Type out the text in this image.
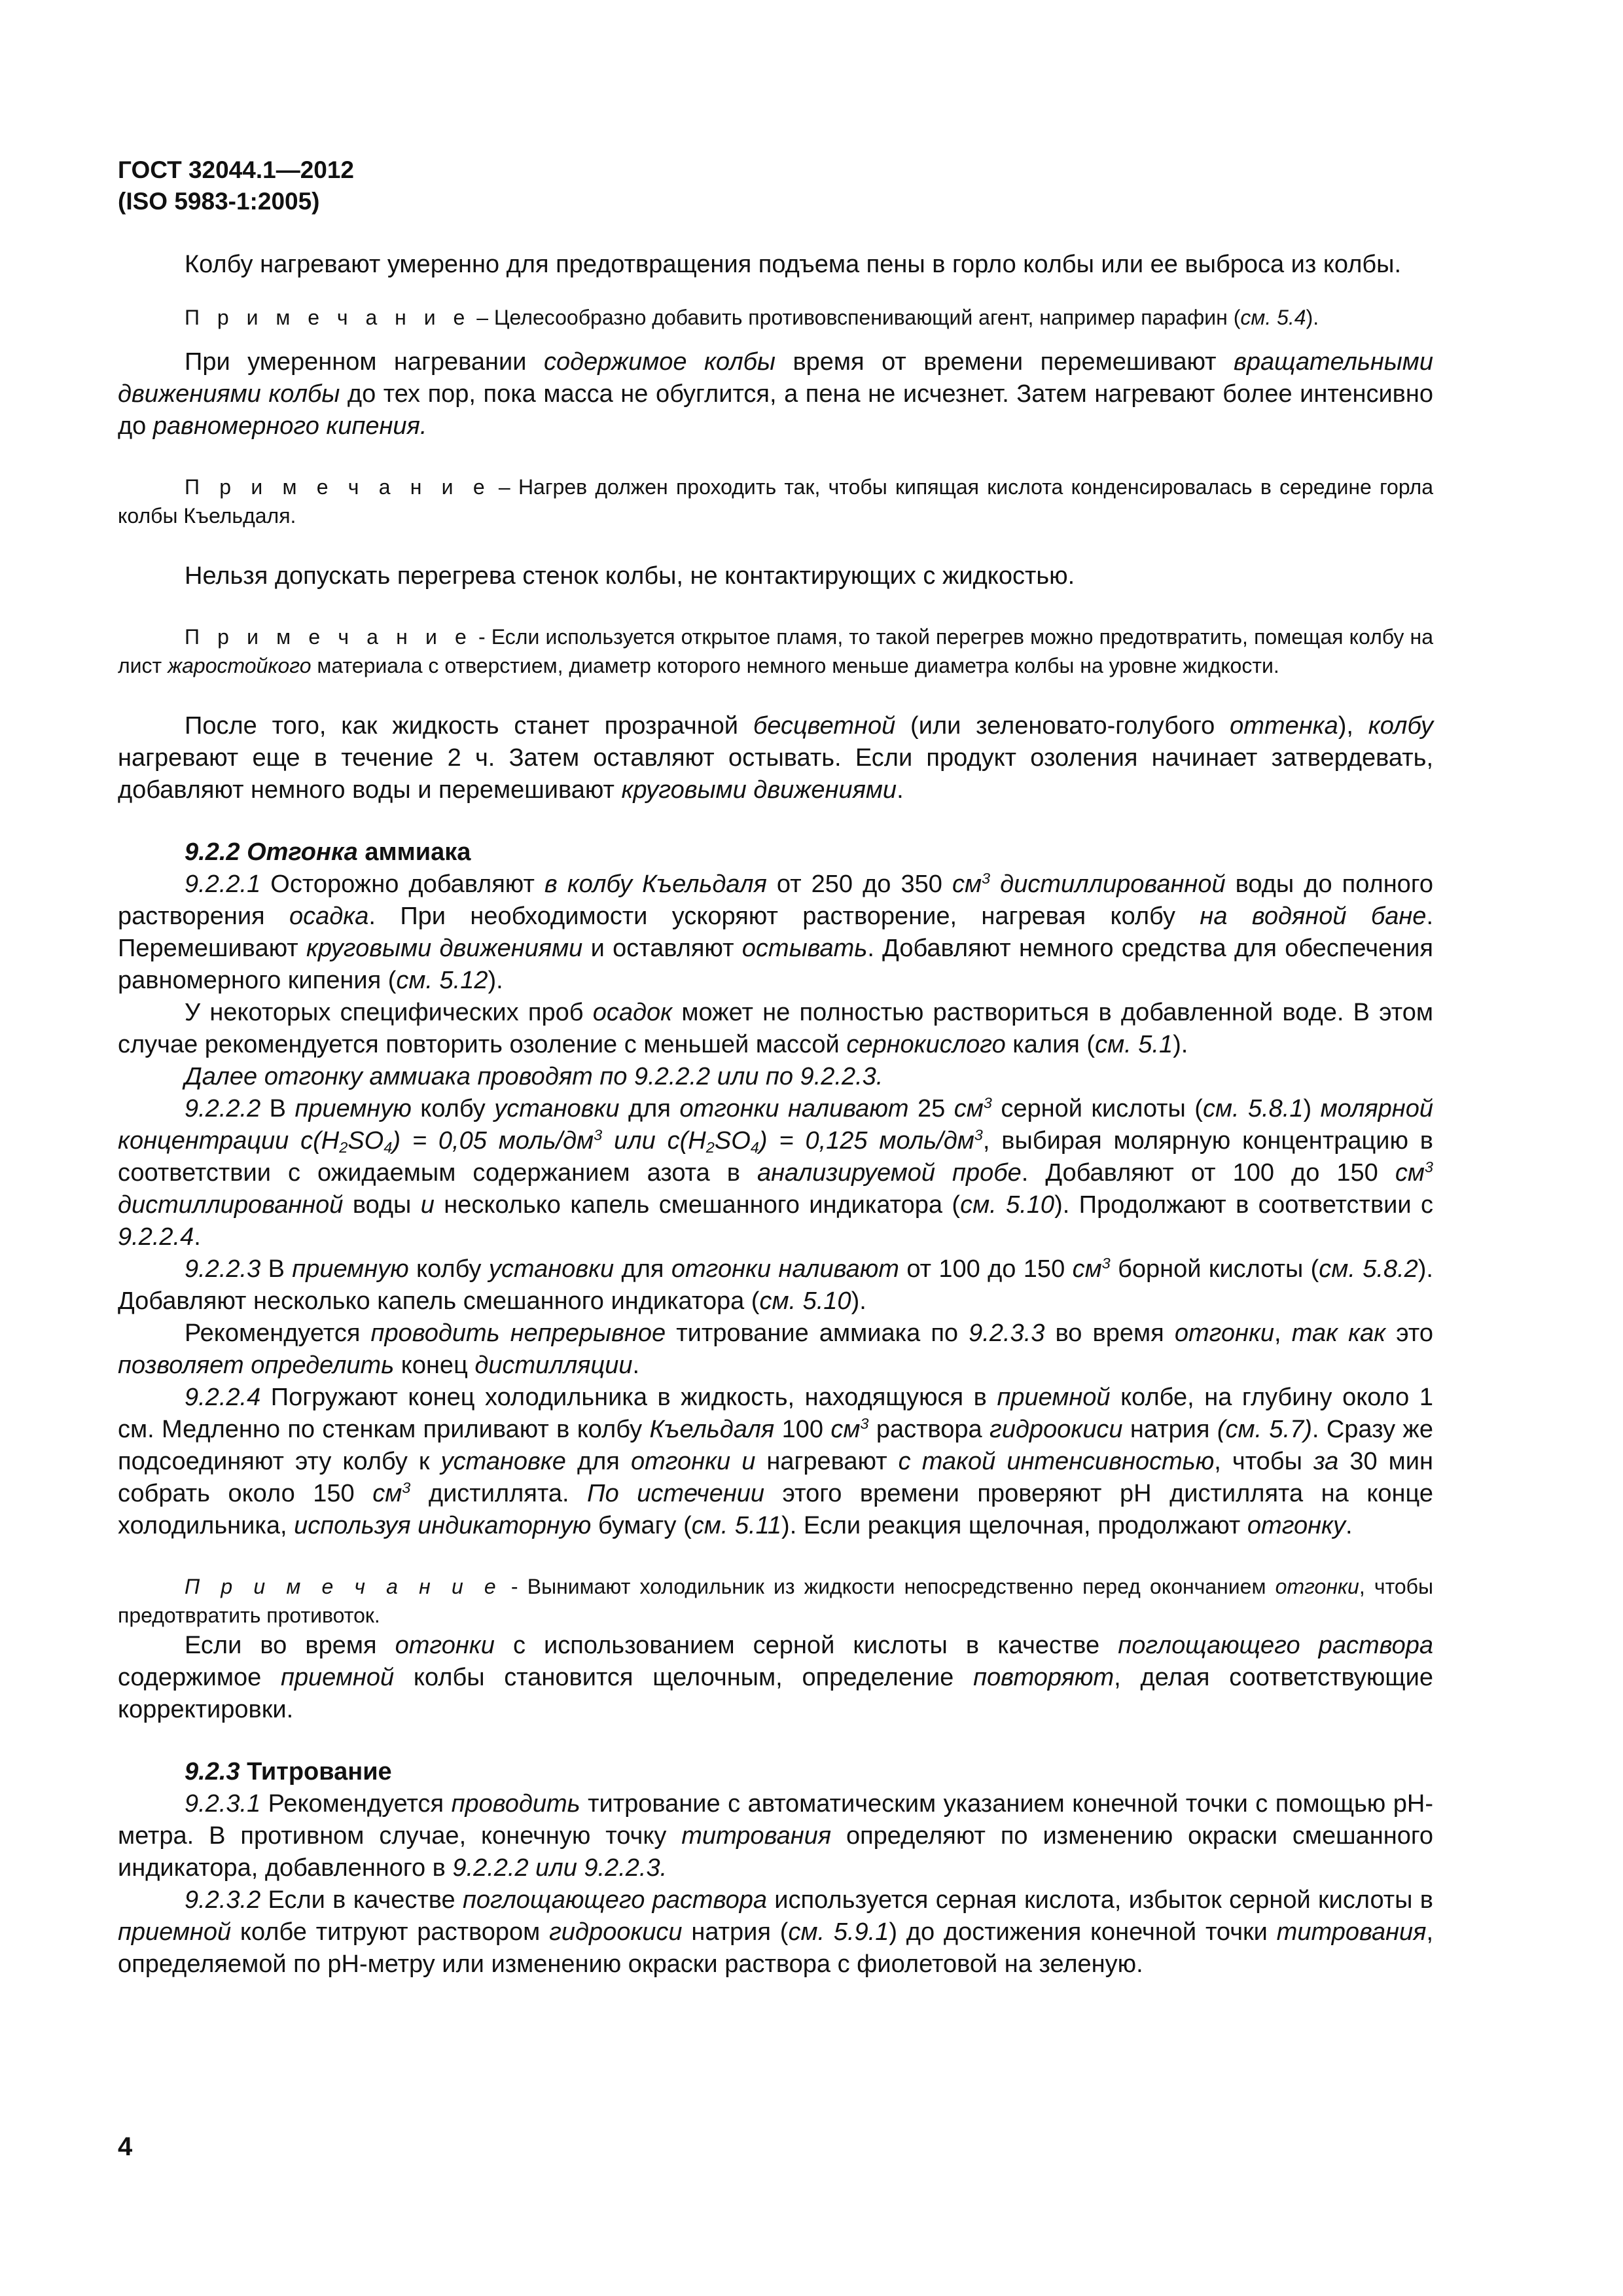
ГОСТ 32044.1—2012
(ISO 5983-1:2005)

Колбу нагревают умеренно для предотвращения подъема пены в горло колбы или ее выброса из колбы.

П р и м е ч а н и е – Целесообразно добавить противовспенивающий агент, например парафин (см. 5.4).

При умеренном нагревании содержимое колбы время от времени перемешивают вращательными движениями колбы до тех пор, пока масса не обуглится, а пена не исчезнет. Затем нагревают более интенсивно до равномерного кипения.

П р и м е ч а н и е – Нагрев должен проходить так, чтобы кипящая кислота конденсировалась в середине горла колбы Къельдаля.

Нельзя допускать перегрева стенок колбы, не контактирующих с жидкостью.

П р и м е ч а н и е - Если используется открытое пламя, то такой перегрев можно предотвратить, помещая колбу на лист жаростойкого материала с отверстием, диаметр которого немного меньше диаметра колбы на уровне жидкости.

После того, как жидкость станет прозрачной бесцветной (или зеленовато-голубого оттенка), колбу нагревают еще в течение 2 ч. Затем оставляют остывать. Если продукт озоления начинает затвердевать, добавляют немного воды и перемешивают круговыми движениями.

9.2.2 Отгонка аммиака

9.2.2.1 Осторожно добавляют в колбу Къельдаля от 250 до 350 $см^3$ дистиллированной воды до полного растворения осадка. При необходимости ускоряют растворение, нагревая колбу на водяной бане. Перемешивают круговыми движениями и оставляют остывать. Добавляют немного средства для обеспечения равномерного кипения (см. 5.12).

У некоторых специфических проб осадок может не полностью раствориться в добавленной воде. В этом случае рекомендуется повторить озоление с меньшей массой сернокислого калия (см. 5.1).

Далее отгонку аммиака проводят по 9.2.2.2 или по 9.2.2.3.

9.2.2.2 В приемную колбу установки для отгонки наливают 25 $см^3$ серной кислоты (см. 5.8.1) молярной концентрации $с(H_2SO_4) = 0,05$ моль/$дм^3$ или $с(H_2SO_4) = 0,125$ моль/$дм^3$, выбирая молярную концентрацию в соответствии с ожидаемым содержанием азота в анализируемой пробе. Добавляют от 100 до 150 $см^3$ дистиллированной воды и несколько капель смешанного индикатора (см. 5.10). Продолжают в соответствии с 9.2.2.4.

9.2.2.3 В приемную колбу установки для отгонки наливают от 100 до 150 $см^3$ борной кислоты (см. 5.8.2). Добавляют несколько капель смешанного индикатора (см. 5.10).

Рекомендуется проводить непрерывное титрование аммиака по 9.2.3.3 во время отгонки, так как это позволяет определить конец дистилляции.

9.2.2.4 Погружают конец холодильника в жидкость, находящуюся в приемной колбе, на глубину около 1 см. Медленно по стенкам приливают в колбу Къельдаля 100 $см^3$ раствора гидроокиси натрия (см. 5.7). Сразу же подсоединяют эту колбу к установке для отгонки и нагревают с такой интенсивностью, чтобы за 30 мин собрать около 150 $см^3$ дистиллята. По истечении этого времени проверяют pH дистиллята на конце холодильника, используя индикаторную бумагу (см. 5.11). Если реакция щелочная, продолжают отгонку.

П р и м е ч а н и е - Вынимают холодильник из жидкости непосредственно перед окончанием отгонки, чтобы предотвратить противоток.

Если во время отгонки с использованием серной кислоты в качестве поглощающего раствора содержимое приемной колбы становится щелочным, определение повторяют, делая соответствующие корректировки.

9.2.3 Титрование

9.2.3.1 Рекомендуется проводить титрование с автоматическим указанием конечной точки с помощью pH-метра. В противном случае, конечную точку титрования определяют по изменению окраски смешанного индикатора, добавленного в 9.2.2.2 или 9.2.2.3.

9.2.3.2 Если в качестве поглощающего раствора используется серная кислота, избыток серной кислоты в приемной колбе титруют раствором гидроокиси натрия (см. 5.9.1) до достижения конечной точки титрования, определяемой по pH-метру или изменению окраски раствора с фиолетовой на зеленую.

4
